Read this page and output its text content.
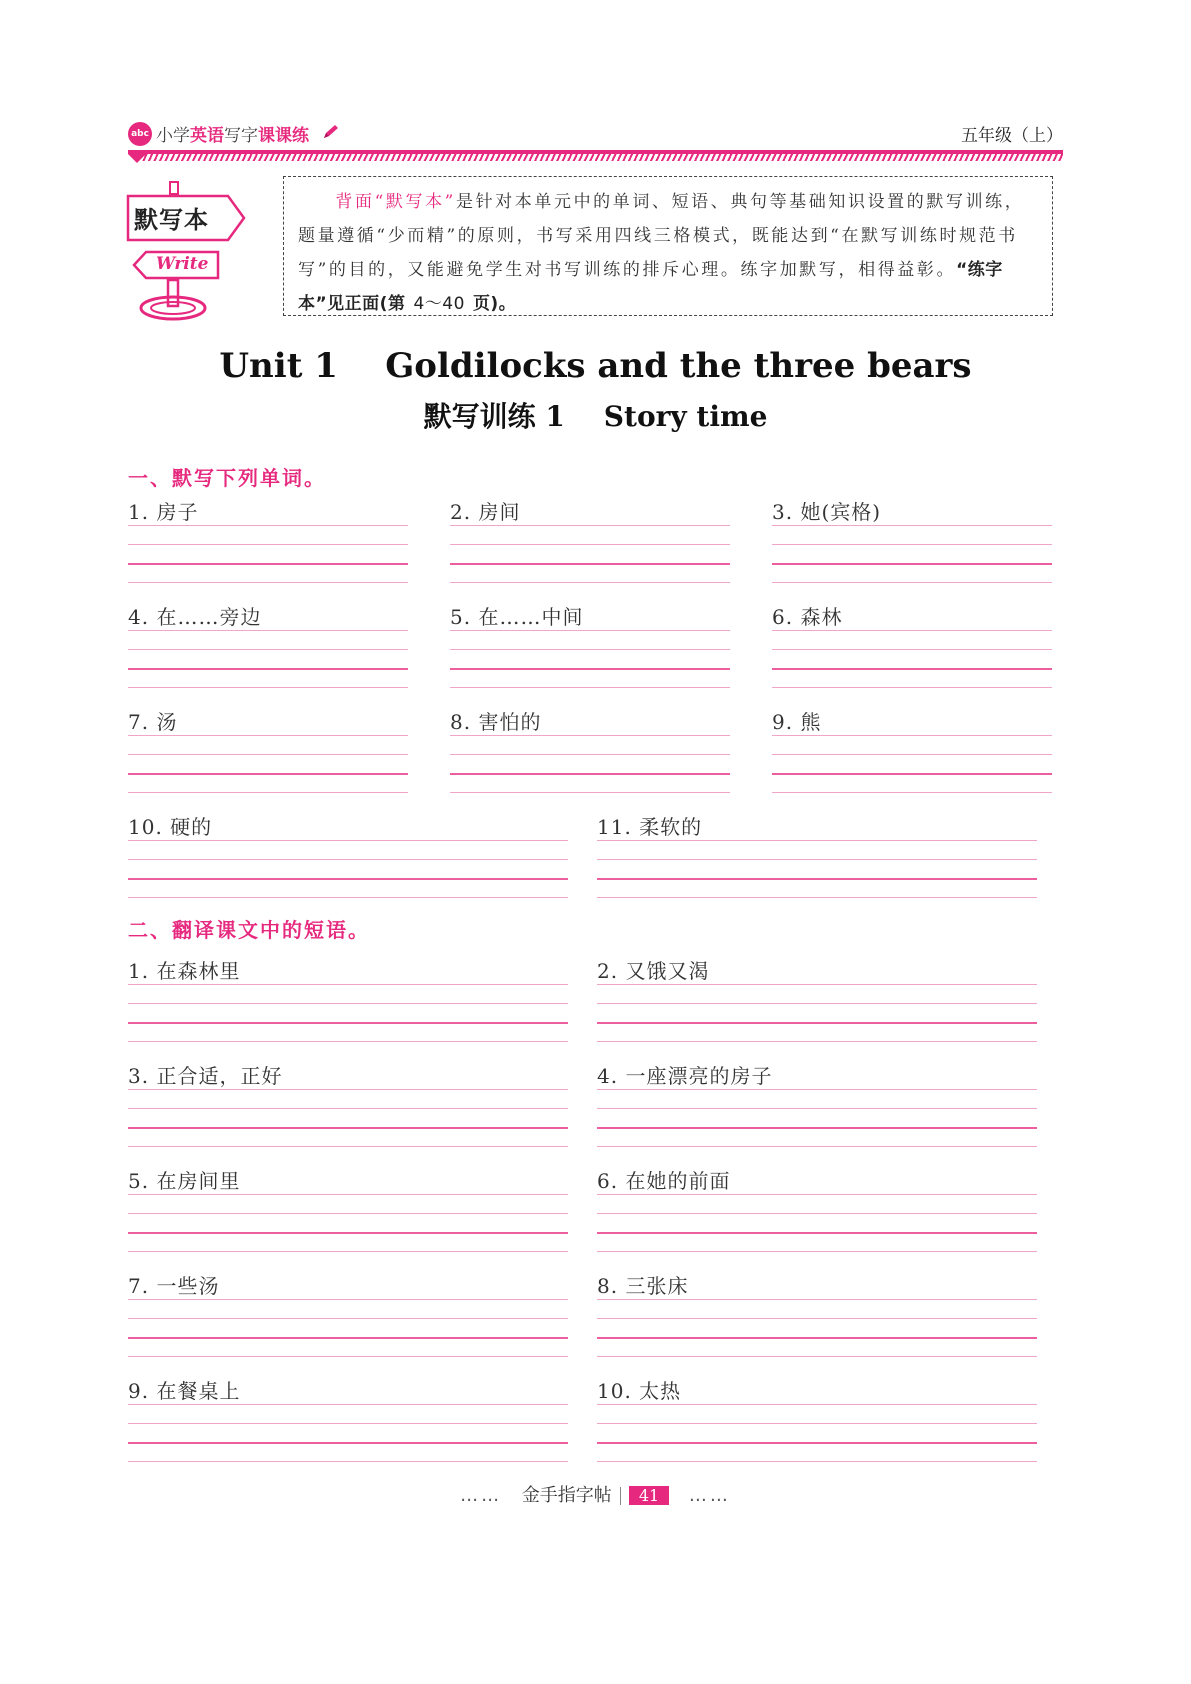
abc 小学英语写字课课练	五年级（上）
默写本
Write
背面“默写本”是针对本单元中的单词、短语、典句等基础知识设置的默写训练，题量遵循“少而精”的原则，书写采用四线三格模式，既能达到“在默写训练时规范书写”的目的，又能避免学生对书写训练的排斥心理。练字加默写，相得益彰。“练字本”见正面(第 4～40 页)。
Unit 1    Goldilocks and the three bears
默写训练 1    Story time
一、默写下列单词。
1. 房子	2. 房间	3. 她(宾格)
4. 在……旁边	5. 在……中间	6. 森林
7. 汤	8. 害怕的	9. 熊
10. 硬的	11. 柔软的
二、翻译课文中的短语。
1. 在森林里	2. 又饿又渴
3. 正合适，正好	4. 一座漂亮的房子
5. 在房间里	6. 在她的前面
7. 一些汤	8. 三张床
9. 在餐桌上	10. 太热
…… 金手指字帖 41 ……
